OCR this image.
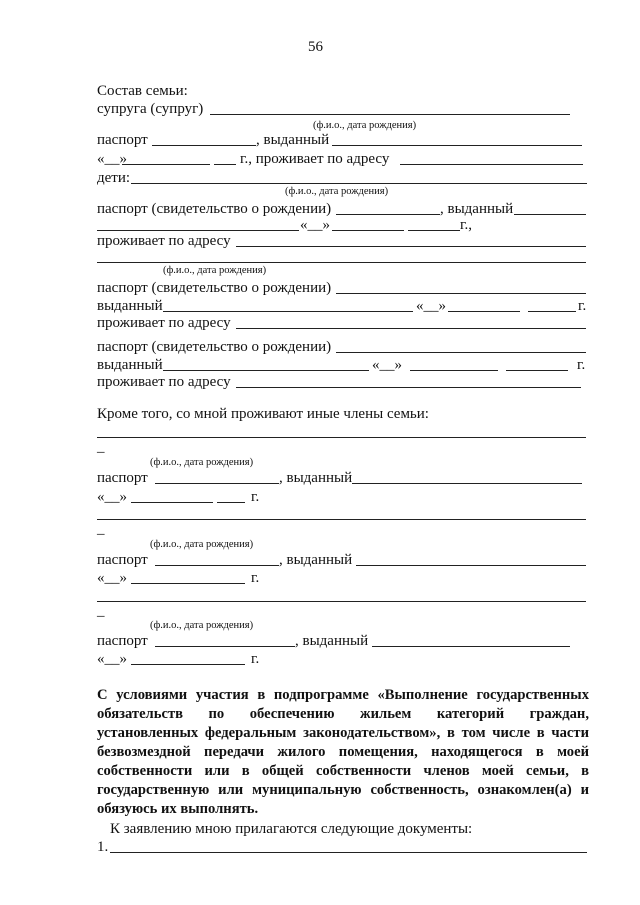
56
Состав семьи:
супруга (супруг)
(ф.и.о., дата рождения)
паспорт	, выданный
«__»	г., проживает по адресу
дети:
(ф.и.о., дата рождения)
паспорт (свидетельство о рождении)	, выданный
«__»	г.,
проживает по адресу
(ф.и.о., дата рождения)
паспорт (свидетельство о рождении)
выданный	«__»	г.
проживает по адресу
паспорт (свидетельство о рождении)
выданный	«__»	г.
проживает по адресу
Кроме того, со мной проживают иные члены семьи:
–
(ф.и.о., дата рождения)
паспорт	, выданный
«__»	г.
–
(ф.и.о., дата рождения)
паспорт	, выданный
«__»	г.
–
(ф.и.о., дата рождения)
паспорт	, выданный
«__»	г.
С условиями участия в подпрограмме «Выполнение государственных
обязательств по обеспечению жильем категорий граждан,
установленных федеральным законодательством», в том числе в части
безвозмездной передачи жилого помещения, находящегося в моей
собственности или в общей собственности членов моей семьи, в
государственную или муниципальную собственность, ознакомлен(а) и
обязуюсь их выполнять.
К заявлению мною прилагаются следующие документы:
1.
